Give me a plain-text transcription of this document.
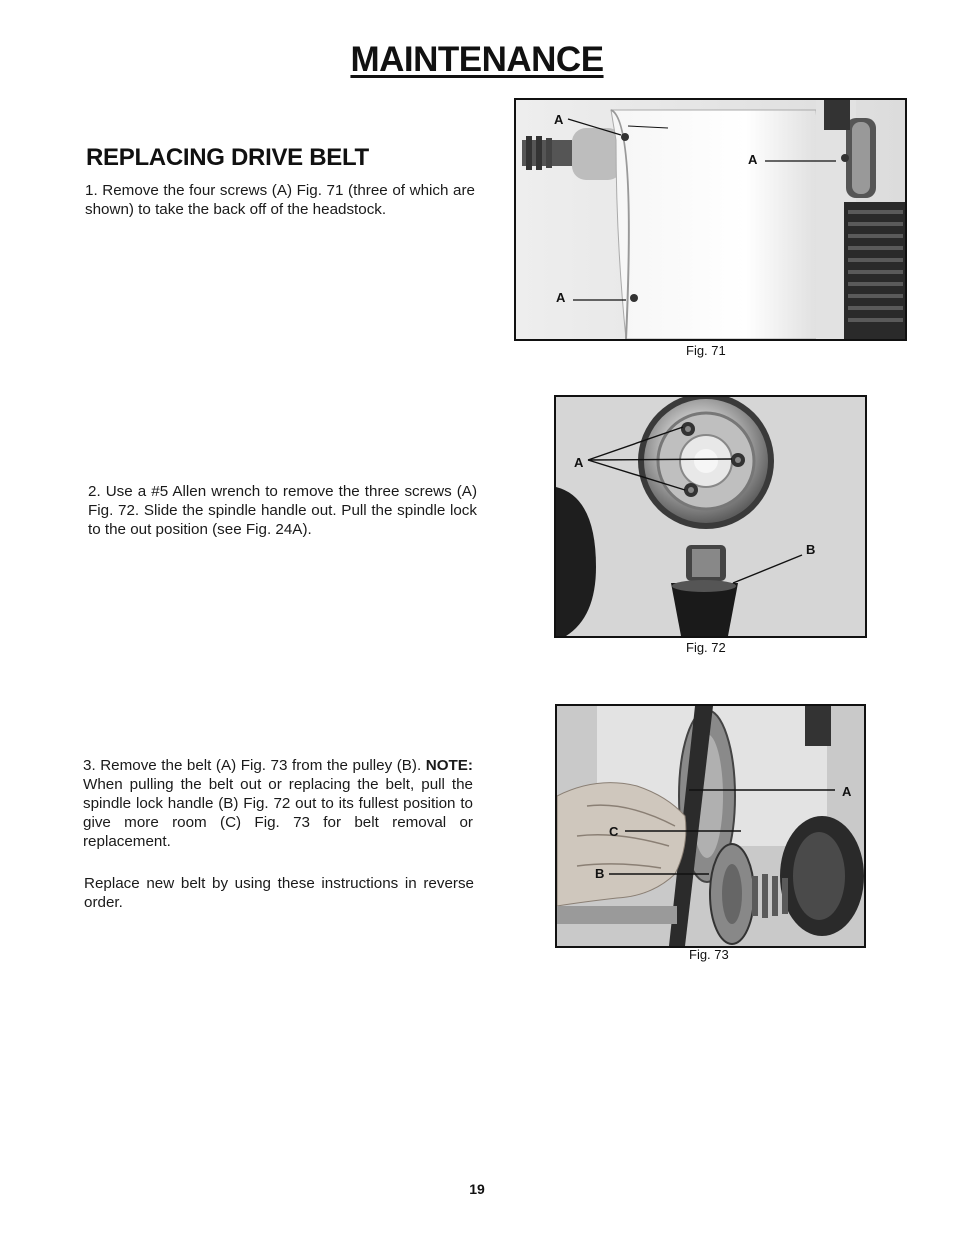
MAINTENANCE
REPLACING DRIVE BELT
1. Remove the four screws (A) Fig. 71 (three of which are shown) to take the back off of the headstock.
2. Use a #5 Allen wrench to remove the three screws (A) Fig. 72. Slide the spindle handle out. Pull the spindle lock to the out position (see Fig. 24A).
3. Remove the belt (A) Fig. 73 from the pulley (B). NOTE: When pulling the belt out or replacing the belt, pull the spindle lock handle (B) Fig. 72 out to its fullest position to give more room (C) Fig. 73 for belt removal or replacement.
Replace new belt by using these instructions in reverse order.
A
A
A
Fig. 71
A
B
Fig. 72
A
C
B
Fig. 73
19
